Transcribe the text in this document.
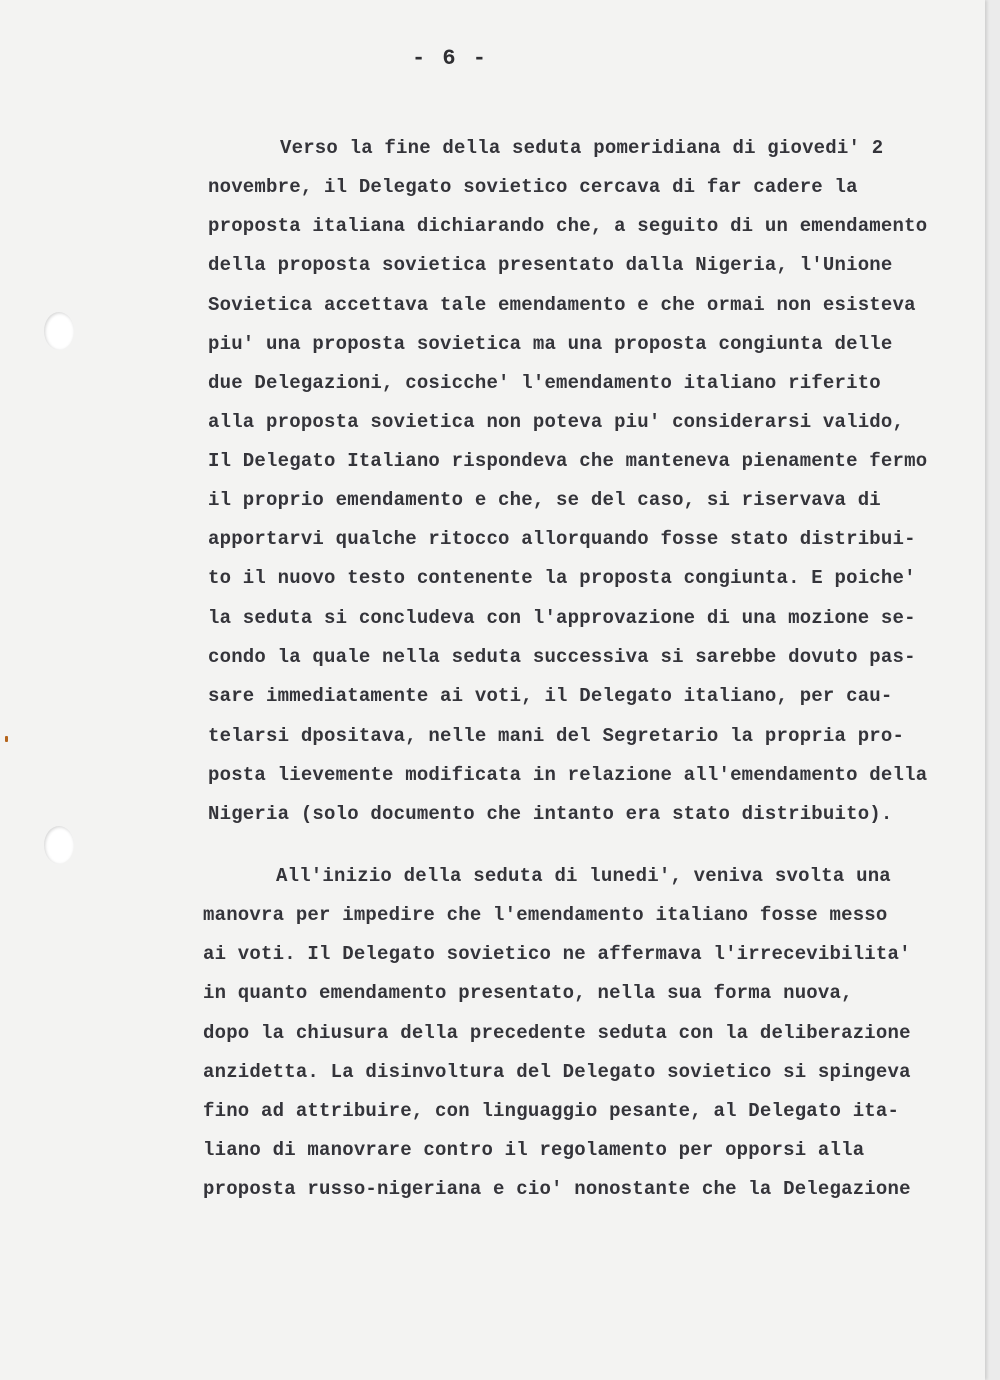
- 6 -
Verso la fine della seduta pomeridiana di giovedi' 2
novembre, il Delegato sovietico cercava di far cadere la
proposta italiana dichiarando che, a seguito di un emendamento
della proposta sovietica presentato dalla Nigeria, l'Unione
Sovietica accettava tale emendamento e che ormai non esisteva
piu' una proposta sovietica ma una proposta congiunta delle
due Delegazioni, cosicche' l'emendamento italiano riferito
alla proposta sovietica non poteva piu' considerarsi valido,
Il Delegato Italiano rispondeva che manteneva pienamente fermo
il proprio emendamento e che, se del caso, si riservava di
apportarvi qualche ritocco allorquando fosse stato distribui-
to il nuovo testo contenente la proposta congiunta. E poiche'
la seduta si concludeva con l'approvazione di una mozione se-
condo la quale nella seduta successiva si sarebbe dovuto pas-
sare immediatamente ai voti, il Delegato italiano, per cau-
telarsi dpositava, nelle mani del Segretario la propria pro-
posta lievemente modificata in relazione all'emendamento della
Nigeria (solo documento che intanto era stato distribuito).
All'inizio della seduta di lunedi', veniva svolta una
manovra per impedire che l'emendamento italiano fosse messo
ai voti. Il Delegato sovietico ne affermava l'irrecevibilita'
in quanto emendamento presentato, nella sua forma nuova,
dopo la chiusura della precedente seduta con la deliberazione
anzidetta. La disinvoltura del Delegato sovietico si spingeva
fino ad attribuire, con linguaggio pesante, al Delegato ita-
liano di manovrare contro il regolamento per opporsi alla
proposta russo-nigeriana e cio' nonostante che la Delegazione
